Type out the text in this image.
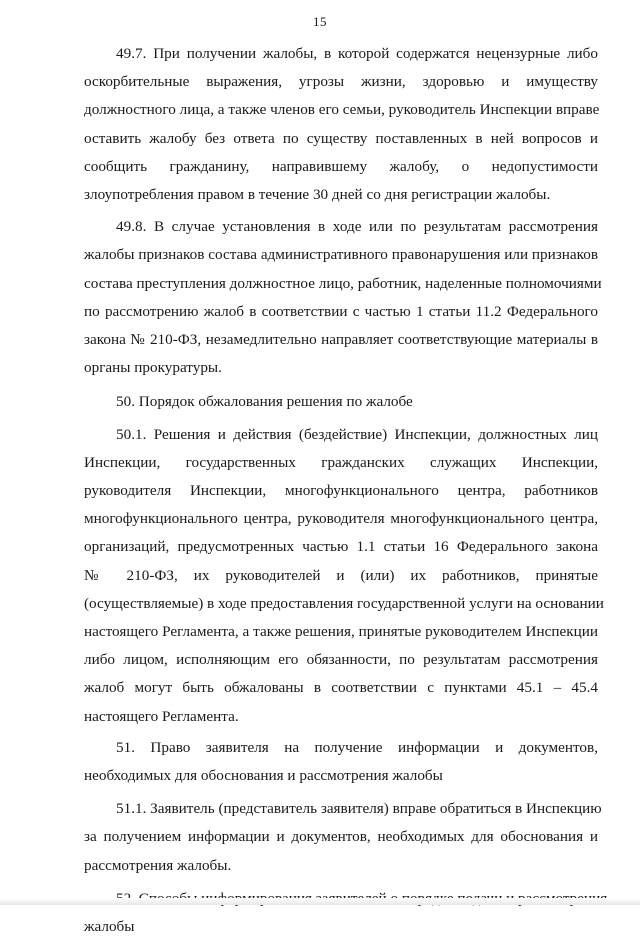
15
49.7. При получении жалобы, в которой содержатся нецензурные либо
оскорбительные выражения, угрозы жизни, здоровью и имуществу
должностного лица, а также членов его семьи, руководитель Инспекции вправе
оставить жалобу без ответа по существу поставленных в ней вопросов и
сообщить гражданину, направившему жалобу, о недопустимости
злоупотребления правом в течение 30 дней со дня регистрации жалобы.
49.8. В случае установления в ходе или по результатам рассмотрения
жалобы признаков состава административного правонарушения или признаков
состава преступления должностное лицо, работник, наделенные полномочиями
по рассмотрению жалоб в соответствии с частью 1 статьи 11.2 Федерального
закона № 210-ФЗ, незамедлительно направляет соответствующие материалы в
органы прокуратуры.
50. Порядок обжалования решения по жалобе
50.1. Решения и действия (бездействие) Инспекции, должностных лиц
Инспекции, государственных гражданских служащих Инспекции,
руководителя Инспекции, многофункционального центра, работников
многофункционального центра, руководителя многофункционального центра,
организаций, предусмотренных частью 1.1 статьи 16 Федерального закона
№ 210-ФЗ, их руководителей и (или) их работников, принятые
(осуществляемые) в ходе предоставления государственной услуги на основании
настоящего Регламента, а также решения, принятые руководителем Инспекции
либо лицом, исполняющим его обязанности, по результатам рассмотрения
жалоб могут быть обжалованы в соответствии с пунктами 45.1 – 45.4
настоящего Регламента.
51. Право заявителя на получение информации и документов,
необходимых для обоснования и рассмотрения жалобы
51.1. Заявитель (представитель заявителя) вправе обратиться в Инспекцию
за получением информации и документов, необходимых для обоснования и
рассмотрения жалобы.
жалобы
